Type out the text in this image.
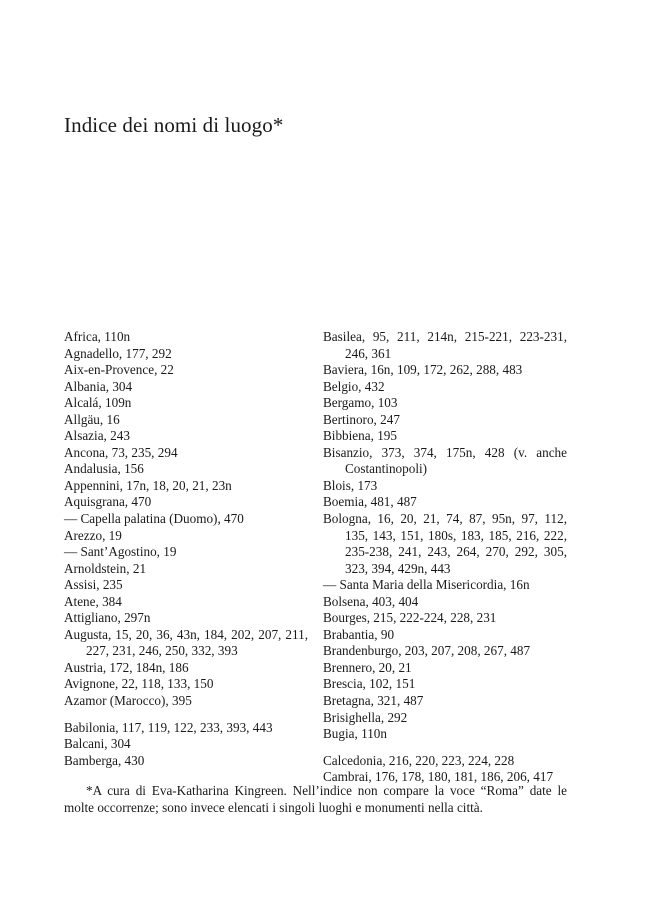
Indice dei nomi di luogo*
Africa, 110n
Agnadello, 177, 292
Aix-en-Provence, 22
Albania, 304
Alcalá, 109n
Allgäu, 16
Alsazia, 243
Ancona, 73, 235, 294
Andalusia, 156
Appennini, 17n, 18, 20, 21, 23n
Aquisgrana, 470
— Capella palatina (Duomo), 470
Arezzo, 19
— Sant’Agostino, 19
Arnoldstein, 21
Assisi, 235
Atene, 384
Attigliano, 297n
Augusta, 15, 20, 36, 43n, 184, 202, 207, 211, 227, 231, 246, 250, 332, 393
Austria, 172, 184n, 186
Avignone, 22, 118, 133, 150
Azamor (Marocco), 395
Babilonia, 117, 119, 122, 233, 393, 443
Balcani, 304
Bamberga, 430
Basilea, 95, 211, 214n, 215-221, 223-231, 246, 361
Baviera, 16n, 109, 172, 262, 288, 483
Belgio, 432
Bergamo, 103
Bertinoro, 247
Bibbiena, 195
Bisanzio, 373, 374, 175n, 428 (v. anche Costantinopoli)
Blois, 173
Boemia, 481, 487
Bologna, 16, 20, 21, 74, 87, 95n, 97, 112, 135, 143, 151, 180s, 183, 185, 216, 222, 235-238, 241, 243, 264, 270, 292, 305, 323, 394, 429n, 443
— Santa Maria della Misericordia, 16n
Bolsena, 403, 404
Bourges, 215, 222-224, 228, 231
Brabantia, 90
Brandenburgo, 203, 207, 208, 267, 487
Brennero, 20, 21
Brescia, 102, 151
Bretagna, 321, 487
Brisighella, 292
Bugia, 110n
Calcedonia, 216, 220, 223, 224, 228
Cambrai, 176, 178, 180, 181, 186, 206, 417

*A cura di Eva-Katharina Kingreen. Nell’indice non compare la voce “Roma” date le molte occorrenze; sono invece elencati i singoli luoghi e monumenti nella città.
